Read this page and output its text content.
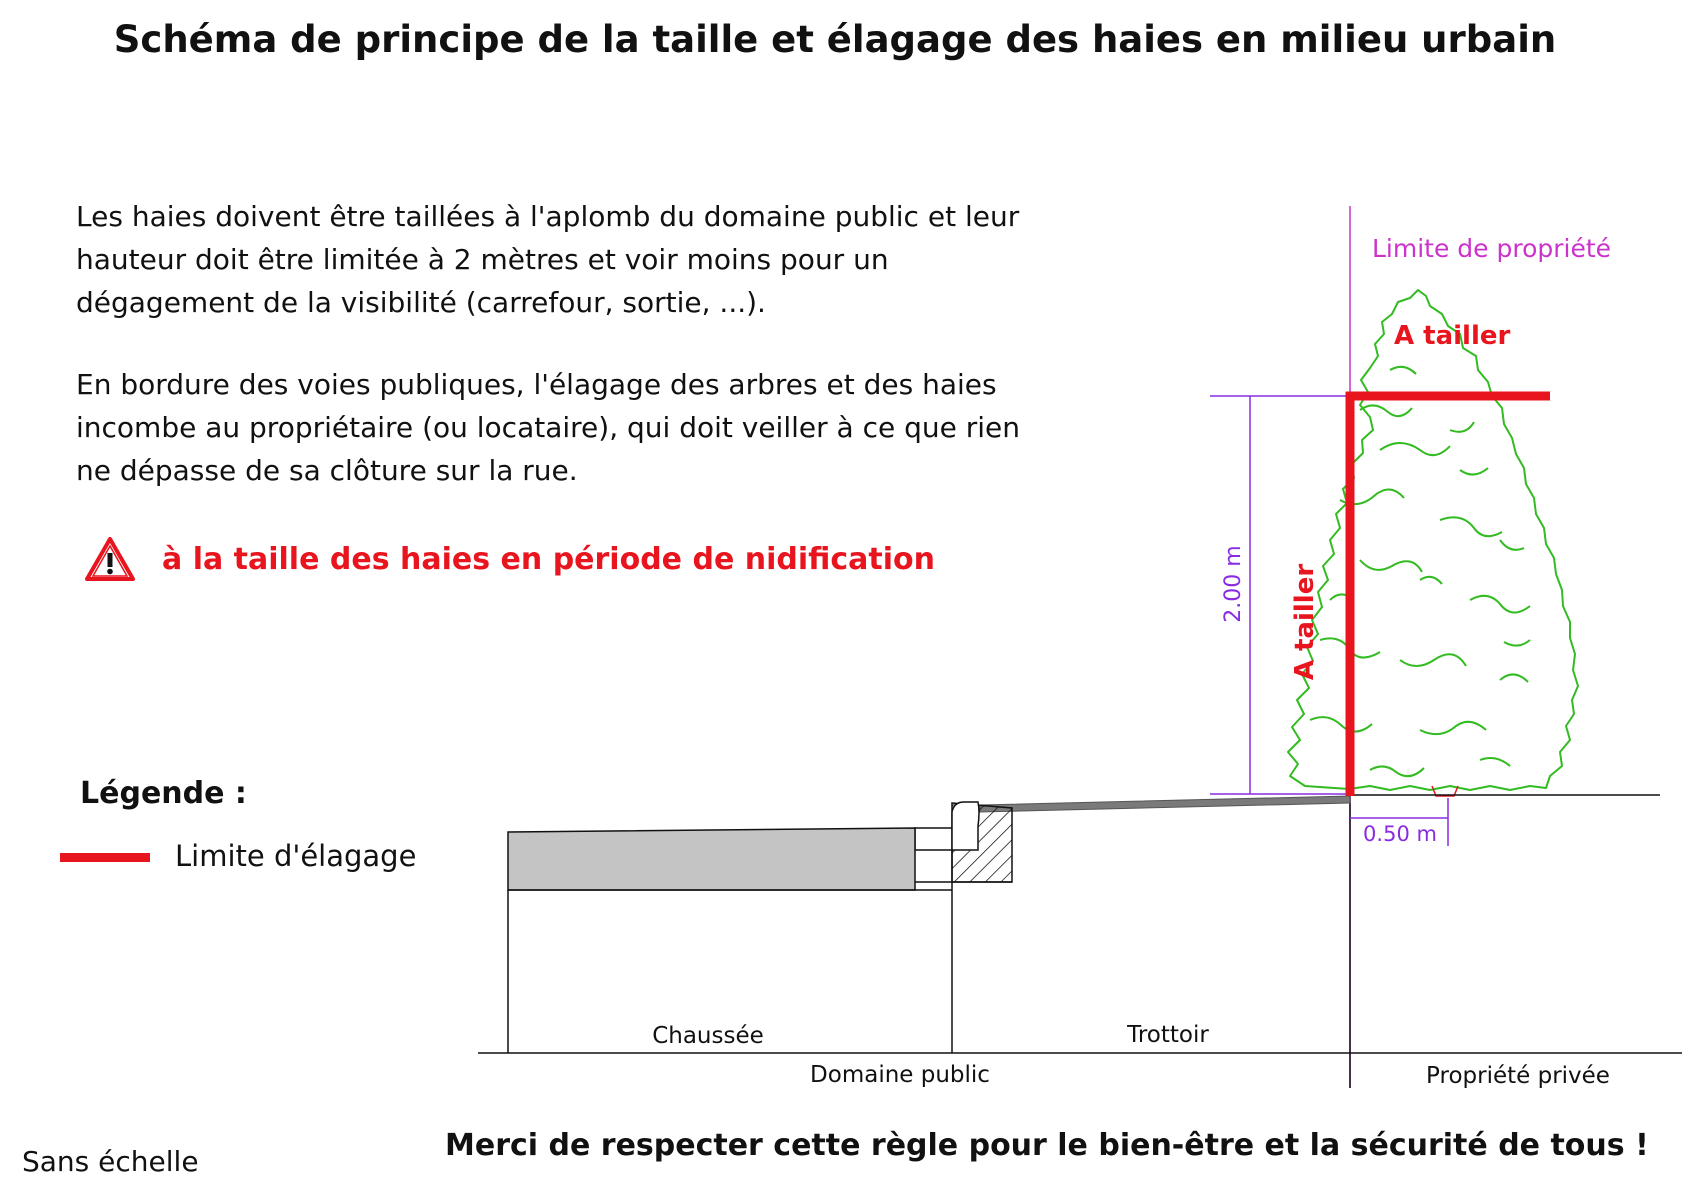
Schéma de principe de la taille et élagage des haies en milieu urbain
Les haies doivent être taillées à l'aplomb du domaine public et leur
hauteur doit être limitée à 2 mètres et voir moins pour un
dégagement de la visibilité (carrefour, sortie, ...).
En bordure des voies publiques, l'élagage des arbres et des haies
incombe au propriétaire (ou locataire), qui doit veiller à ce que rien
ne dépasse de sa clôture sur la rue.
à la taille des haies en période de nidification
Légende :
Limite d'élagage
Limite de propriété
Chaussée	Trottoir
Domaine public	Propriété privée
2.00 m
0.50 m
A tailler
A tailler
Sans échelle	Merci de respecter cette règle pour le bien-être et la sécurité de tous !
